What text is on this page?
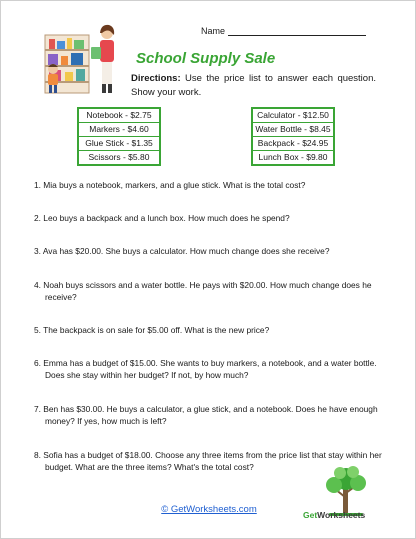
Name
School Supply Sale
Directions: Use the price list to answer each question. Show your work.
Notebook - $2.75
Markers - $4.60
Glue Stick - $1.35
Scissors - $5.80
Calculator - $12.50
Water Bottle - $8.45
Backpack - $24.95
Lunch Box - $9.80
1. Mia buys a notebook, markers, and a glue stick. What is the total cost?
2. Leo buys a backpack and a lunch box. How much does he spend?
3. Ava has $20.00. She buys a calculator. How much change does she receive?
4. Noah buys scissors and a water bottle. He pays with $20.00. How much change does he receive?
5. The backpack is on sale for $5.00 off. What is the new price?
6. Emma has a budget of $15.00. She wants to buy markers, a notebook, and a water bottle. Does she stay within her budget? If not, by how much?
7. Ben has $30.00. He buys a calculator, a glue stick, and a notebook. Does he have enough money? If yes, how much is left?
8. Sofia has a budget of $18.00. Choose any three items from the price list that stay within her budget. What are the three items? What's the total cost?
© GetWorksheets.com	GetWorksheets
